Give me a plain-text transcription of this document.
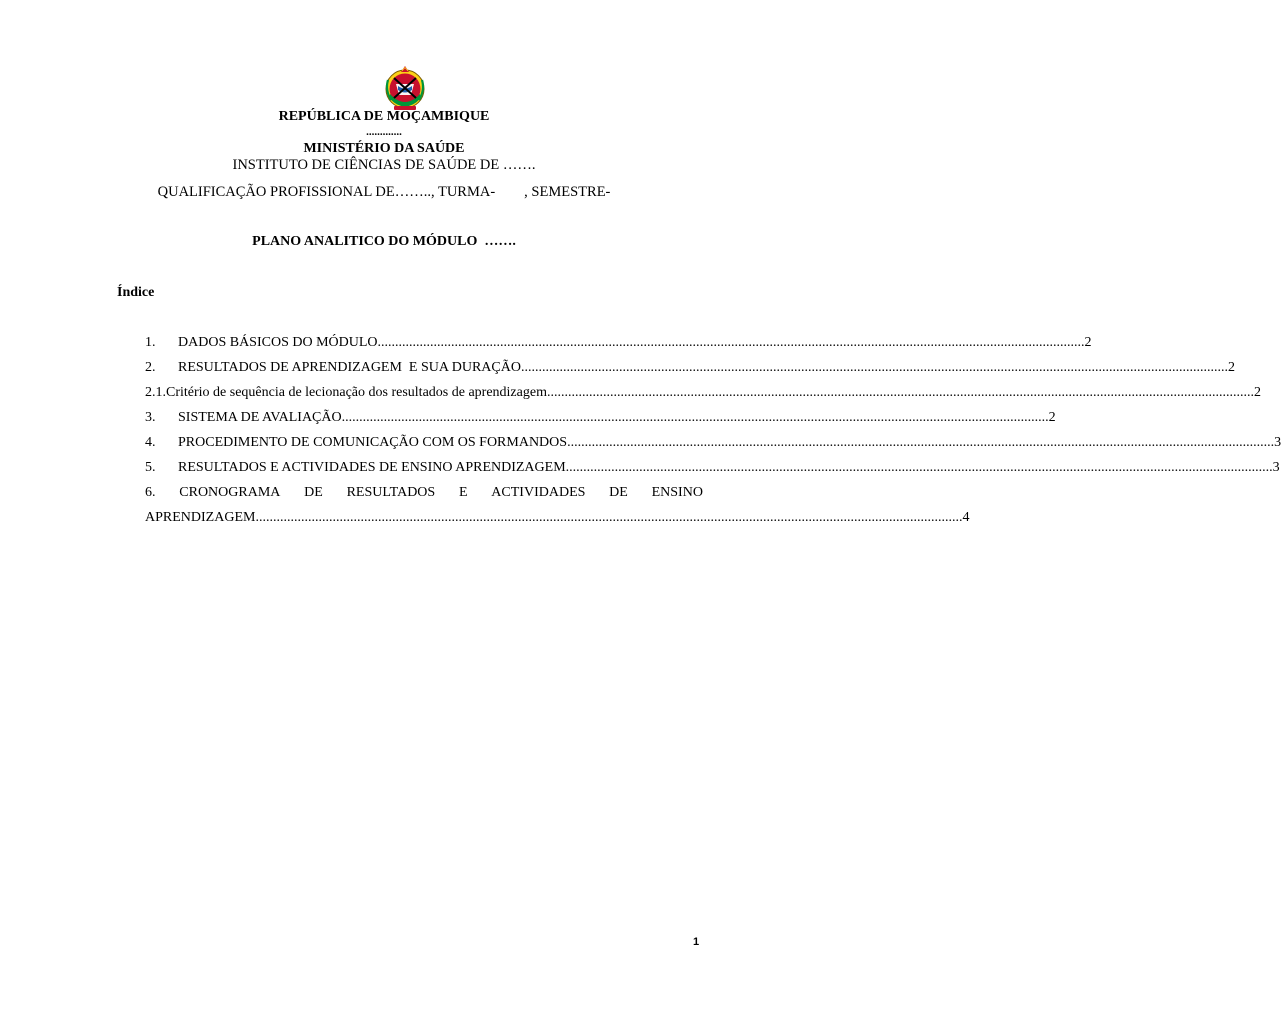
REPÚBLICA DE MOÇAMBIQUE
.............
MINISTÉRIO DA SAÚDE
INSTITUTO DE CIÊNCIAS DE SAÚDE DE …….
QUALIFICAÇÃO PROFISSIONAL DE…….., TURMA-        , SEMESTRE-
PLANO ANALITICO DO MÓDULO  …….
Índice
1.	DADOS BÁSICOS DO MÓDULO .......................................................................................................................................................................................................... 2
2.	RESULTADOS DE APRENDIZAGEM  E SUA DURAÇÃO .......................................................................................................................................................................................................... 2
2.1. Critério de sequência de lecionação dos resultados de aprendizagem .......................................................................................................................................................................................................... 2
3.	SISTEMA DE AVALIAÇÃO .......................................................................................................................................................................................................... 2
4.	PROCEDIMENTO DE COMUNICAÇÃO COM OS FORMANDOS .......................................................................................................................................................................................................... 3
5.	RESULTADOS E ACTIVIDADES DE ENSINO APRENDIZAGEM .......................................................................................................................................................................................................... 3
6. CRONOGRAMA DE RESULTADOS E ACTIVIDADES DE ENSINO
APRENDIZAGEM .......................................................................................................................................................................................................... 4
1
